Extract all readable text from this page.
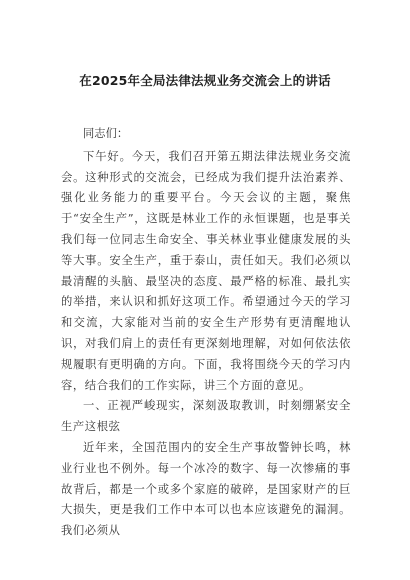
在2025年全局法律法规业务交流会上的讲话

同志们：

下午好。今天，我们召开第五期法律法规业务交流会。这种形式的交流会，已经成为我们提升法治素养、强化业务能力的重要平台。今天会议的主题，聚焦于“安全生产”，这既是林业工作的永恒课题，也是事关我们每一位同志生命安全、事关林业事业健康发展的头等大事。安全生产，重于泰山，责任如天。我们必须以最清醒的头脑、最坚决的态度、最严格的标准、最扎实的举措，来认识和抓好这项工作。希望通过今天的学习和交流，大家能对当前的安全生产形势有更清醒地认识，对我们肩上的责任有更深刻地理解，对如何依法依规履职有更明确的方向。下面，我将围绕今天的学习内容，结合我们的工作实际，讲三个方面的意见。

一、正视严峻现实，深刻汲取教训，时刻绷紧安全生产这根弦

近年来，全国范围内的安全生产事故警钟长鸣，林业行业也不例外。每一个冰冷的数字、每一次惨痛的事故背后，都是一个或多个家庭的破碎，是国家财产的巨大损失，更是我们工作中本可以也本应该避免的漏洞。我们必须从
